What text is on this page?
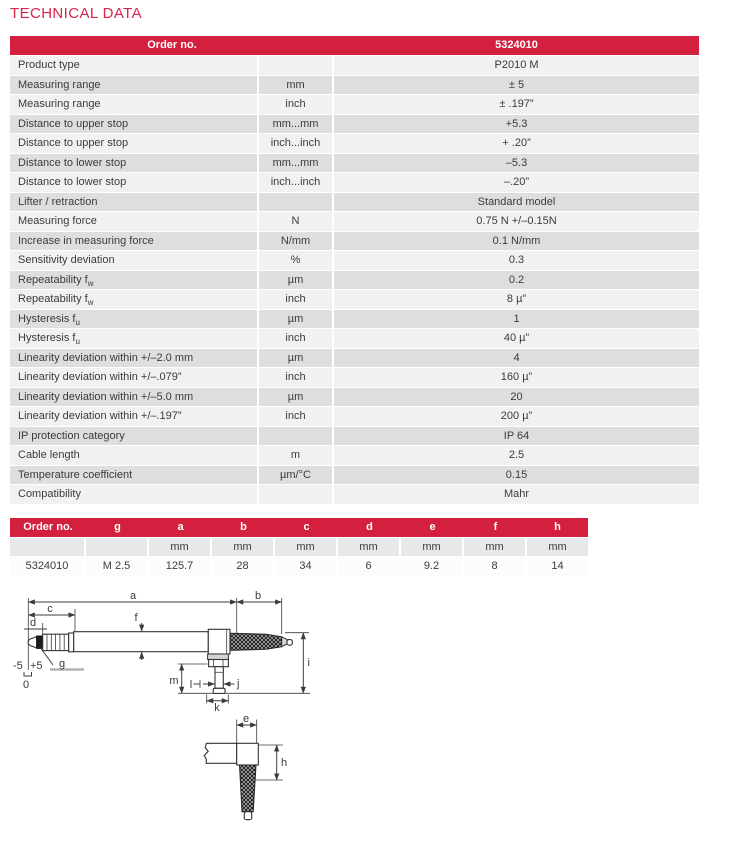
TECHNICAL DATA
Order no.		5324010
Product type		P2010 M
Measuring range	mm	± 5
Measuring range	inch	± .197”
Distance to upper stop	mm...mm	+5.3
Distance to upper stop	inch...inch	+ .20”
Distance to lower stop	mm...mm	–5.3
Distance to lower stop	inch...inch	–.20”
Lifter / retraction		Standard model
Measuring force	N	0.75 N +/–0.15N
Increase in measuring force	N/mm	0.1 N/mm
Sensitivity deviation	%	0.3
Repeatability $f_w$	µm	0.2
Repeatability $f_w$	inch	8 µ”
Hysteresis $f_u$	µm	1
Hysteresis $f_u$	inch	40 µ”
Linearity deviation within +/–2.0 mm	µm	4
Linearity deviation within +/–.079”	inch	160 µ”
Linearity deviation within +/–5.0 mm	µm	20
Linearity deviation within +/–.197”	inch	200 µ”
IP protection category		IP 64
Cable length	m	2.5
Temperature coefficient	µm/°C	0.15
Compatibility		Mahr
Order no.	g	a	b	c	d	e	f	h
		mm	mm	mm	mm	mm	mm	mm
5324010	M 2.5	125.7	28	34	6	9.2	8	14
a	b
c
d	f
g
-5 +5
0	m l	j
k
i
e
h
